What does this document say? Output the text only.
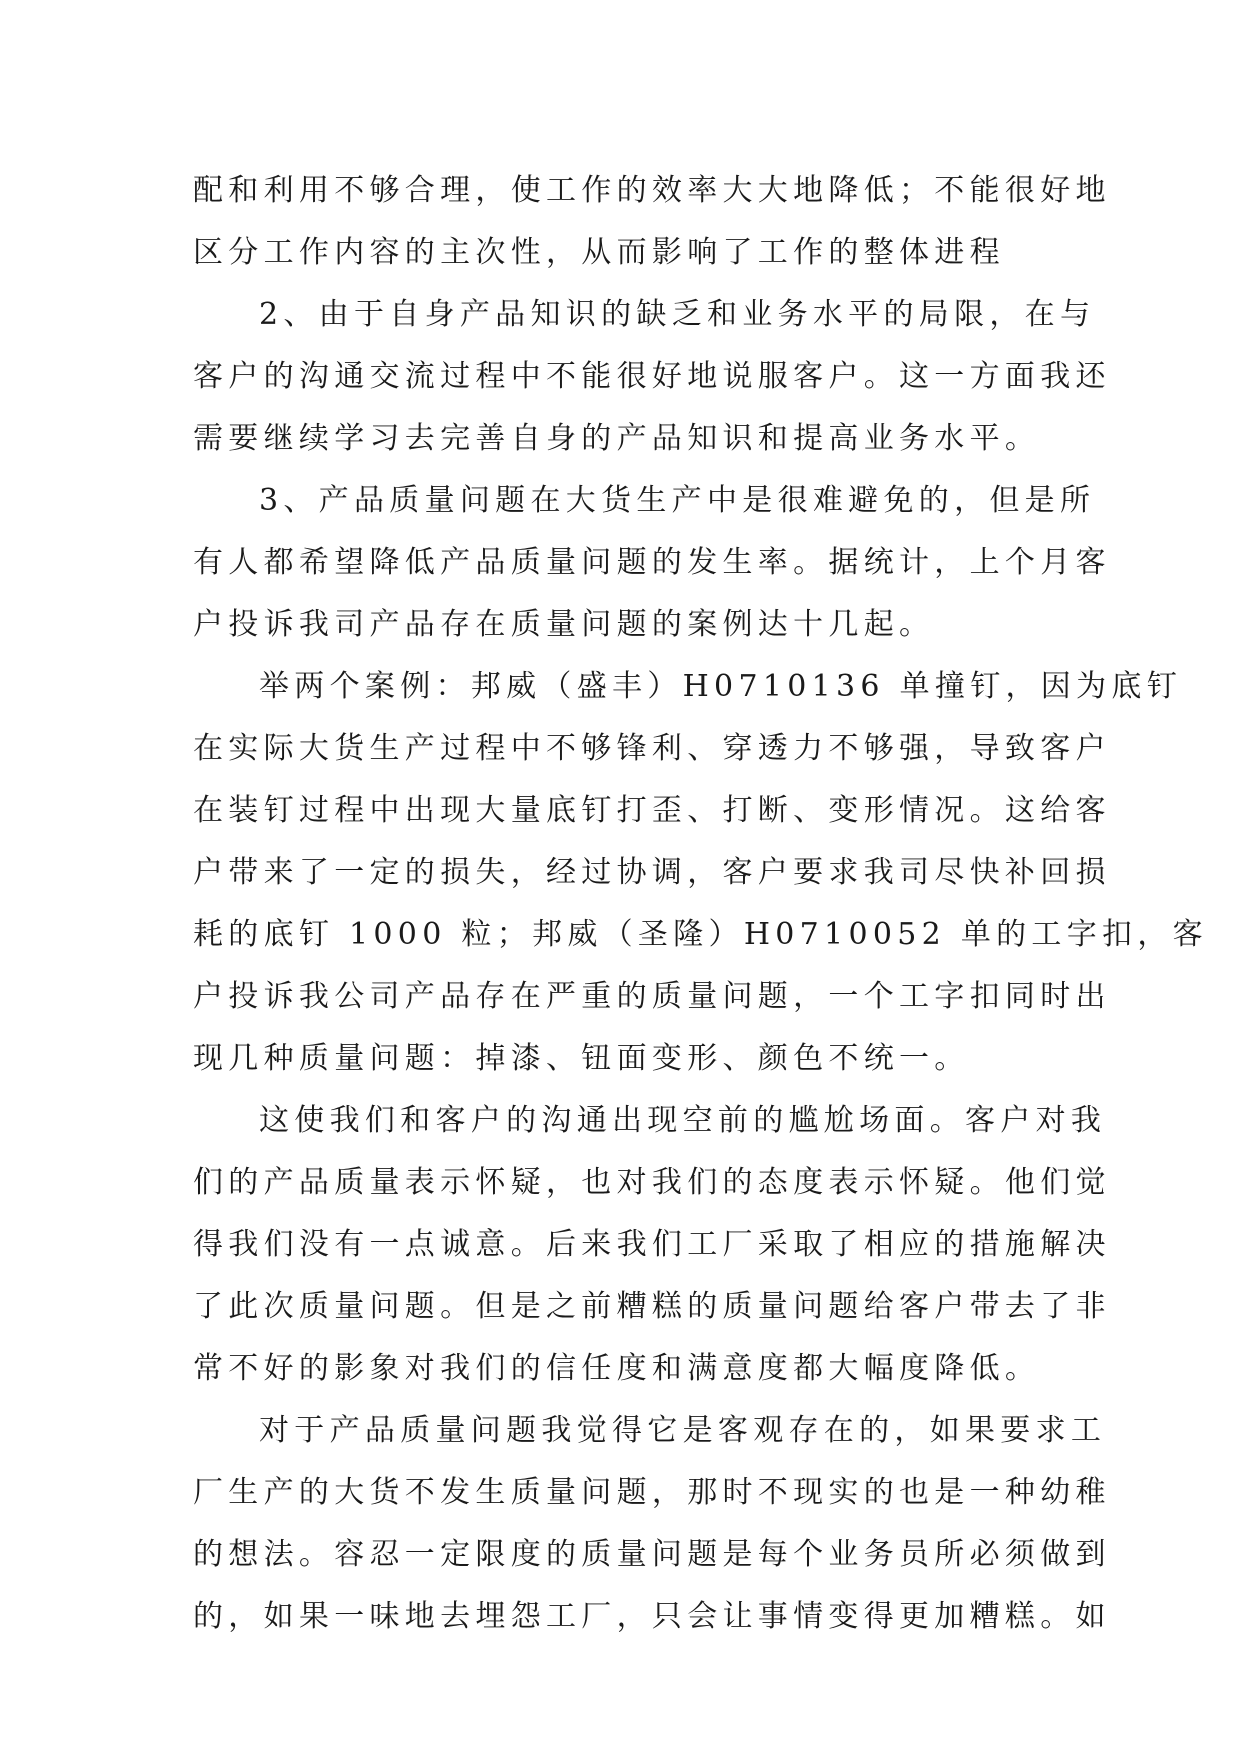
配和利用不够合理，使工作的效率大大地降低；不能很好地
区分工作内容的主次性，从而影响了工作的整体进程
2、由于自身产品知识的缺乏和业务水平的局限，在与
客户的沟通交流过程中不能很好地说服客户。这一方面我还
需要继续学习去完善自身的产品知识和提高业务水平。
3、产品质量问题在大货生产中是很难避免的，但是所
有人都希望降低产品质量问题的发生率。据统计，上个月客
户投诉我司产品存在质量问题的案例达十几起。
举两个案例：邦威（盛丰）H0710136 单撞钉，因为底钉
在实际大货生产过程中不够锋利、穿透力不够强，导致客户
在装钉过程中出现大量底钉打歪、打断、变形情况。这给客
户带来了一定的损失，经过协调，客户要求我司尽快补回损
耗的底钉 1000 粒；邦威（圣隆）H0710052 单的工字扣，客
户投诉我公司产品存在严重的质量问题，一个工字扣同时出
现几种质量问题：掉漆、钮面变形、颜色不统一。
这使我们和客户的沟通出现空前的尴尬场面。客户对我
们的产品质量表示怀疑，也对我们的态度表示怀疑。他们觉
得我们没有一点诚意。后来我们工厂采取了相应的措施解决
了此次质量问题。但是之前糟糕的质量问题给客户带去了非
常不好的影象对我们的信任度和满意度都大幅度降低。
对于产品质量问题我觉得它是客观存在的，如果要求工
厂生产的大货不发生质量问题，那时不现实的也是一种幼稚
的想法。容忍一定限度的质量问题是每个业务员所必须做到
的，如果一味地去埋怨工厂，只会让事情变得更加糟糕。如
